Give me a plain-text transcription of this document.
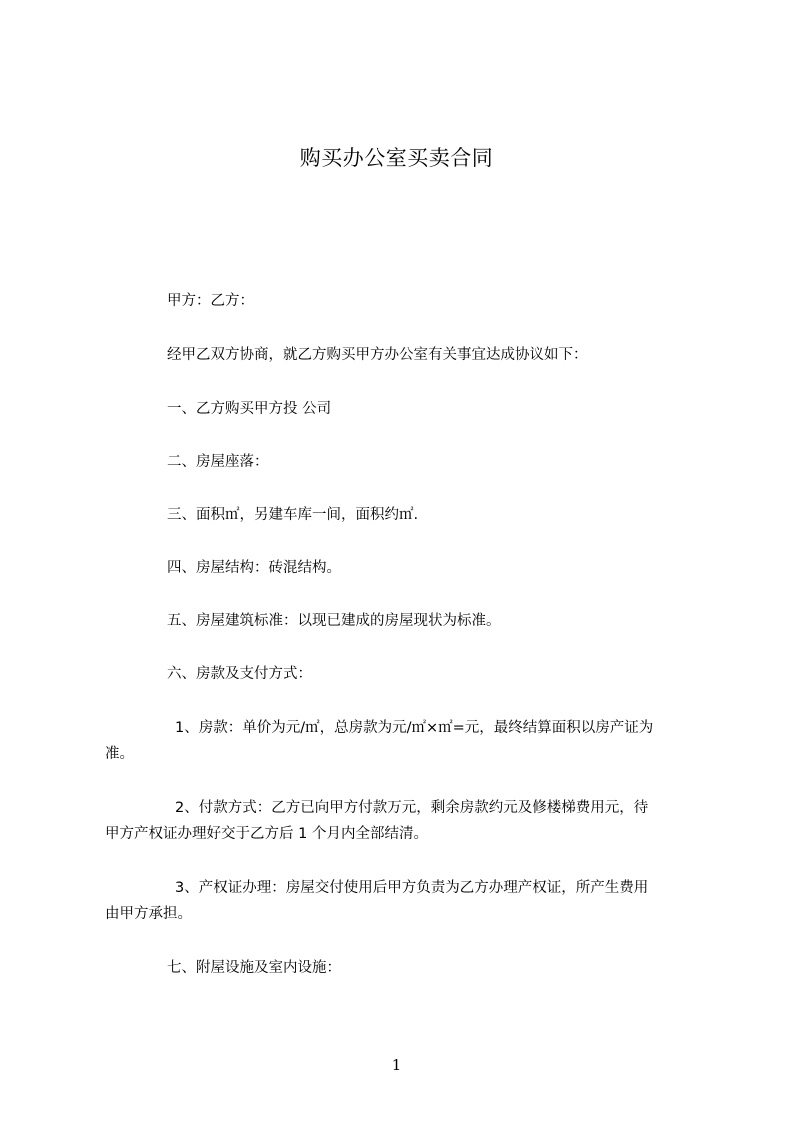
购买办公室买卖合同
甲方：乙方：
经甲乙双方协商，就乙方购买甲方办公室有关事宜达成协议如下：
一、乙方购买甲方投 公司
二、房屋座落：
三、面积㎡，另建车库一间，面积约㎡.
四、房屋结构：砖混结构。
五、房屋建筑标准：以现已建成的房屋现状为标准。
六、房款及支付方式：
1、房款：单价为元/㎡，总房款为元/㎡×㎡=元，最终结算面积以房产证为
准。
2、付款方式：乙方已向甲方付款万元，剩余房款约元及修楼梯费用元，待
甲方产权证办理好交于乙方后 1 个月内全部结清。
3、产权证办理：房屋交付使用后甲方负责为乙方办理产权证，所产生费用
由甲方承担。
七、附屋设施及室内设施：
1
